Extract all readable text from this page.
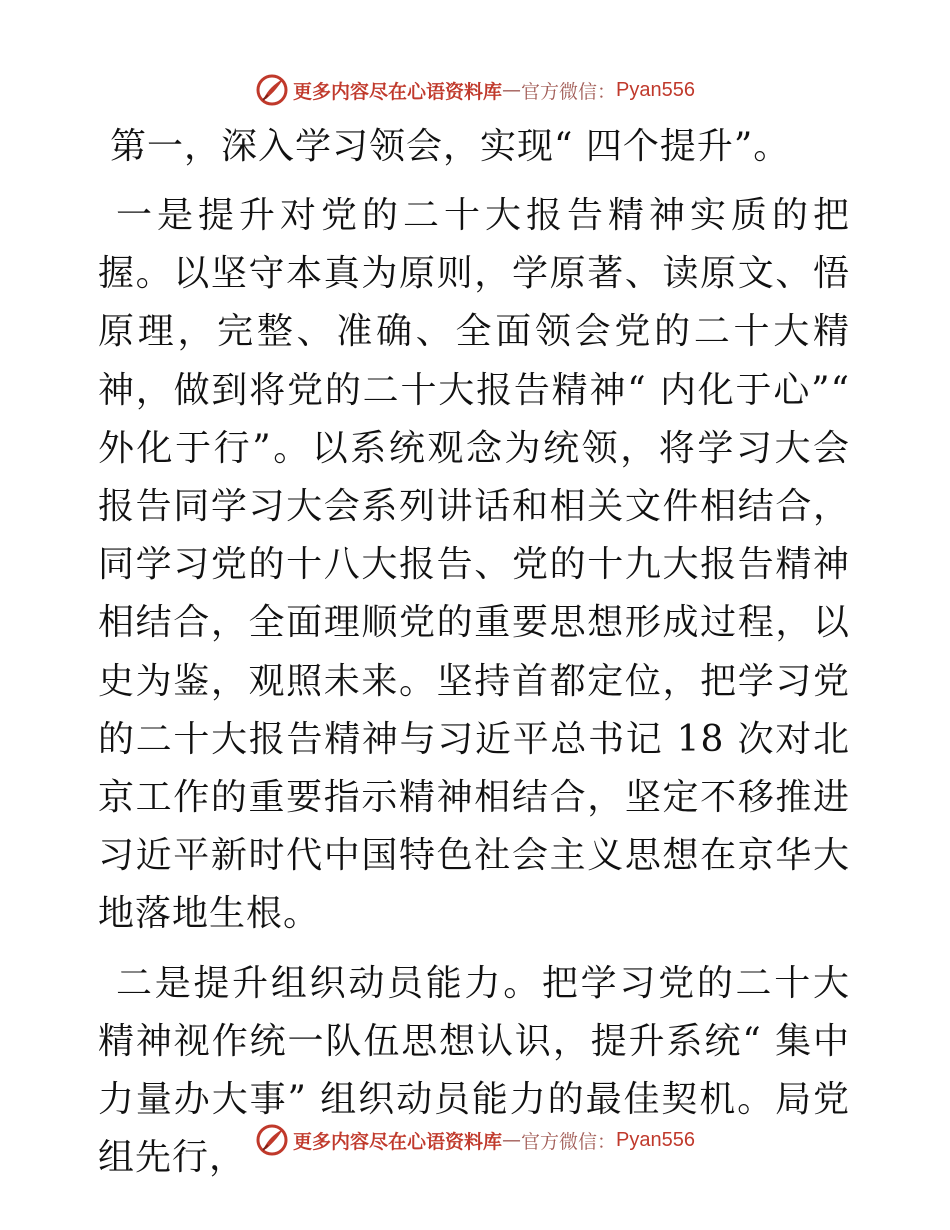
更多内容尽在心语资料库 — 官方微信： Pyan556
第一，深入学习领会，实现“ 四个提升”。

一是提升对党的二十大报告精神实质的把握。以坚守本真为原则，学原著、读原文、悟原理，完整、准确、全面领会党的二十大精神，做到将党的二十大报告精神“ 内化于心”“ 外化于行”。以系统观念为统领，将学习大会报告同学习大会系列讲话和相关文件相结合，同学习党的十八大报告、党的十九大报告精神相结合，全面理顺党的重要思想形成过程，以史为鉴，观照未来。坚持首都定位，把学习党的二十大报告精神与习近平总书记 18 次对北京工作的重要指示精神相结合，坚定不移推进习近平新时代中国特色社会主义思想在京华大地落地生根。

二是提升组织动员能力。把学习党的二十大精神视作统一队伍思想认识，提升系统“ 集中力量办大事” 组织动员能力的最佳契机。局党组先行，	更多内容尽在心语资料库 — 官方微信： Pyan556
